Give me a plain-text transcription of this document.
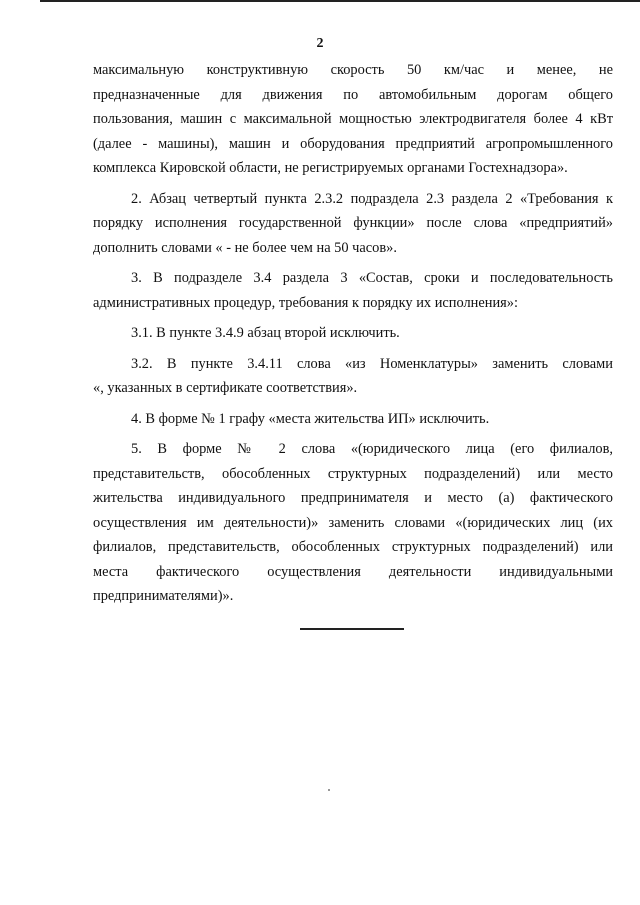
2

максимальную конструктивную скорость 50 км/час и менее, не
предназначенные для движения по автомобильным дорогам общего
пользования, машин с максимальной мощностью электродвигателя более 4 кВт
(далее - машины), машин и оборудования предприятий агропромышленного
комплекса Кировской области, не регистрируемых органами Гостехнадзора».

2. Абзац четвертый пункта 2.3.2 подраздела 2.3 раздела 2 «Требования к
порядку исполнения государственной функции» после слова «предприятий»
дополнить словами « - не более чем на 50 часов».

3. В подразделе 3.4 раздела 3 «Состав, сроки и последовательность
административных процедур, требования к порядку их исполнения»:

3.1. В пункте 3.4.9 абзац второй исключить.

3.2. В пункте 3.4.11 слова «из Номенклатуры» заменить словами
«, указанных в сертификате соответствия».

4. В форме № 1 графу «места жительства ИП» исключить.

5. В форме № 2 слова «(юридического лица (его филиалов,
представительств, обособленных структурных подразделений) или место
жительства индивидуального предпринимателя и место (а) фактического
осуществления им деятельности)» заменить словами «(юридических лиц (их
филиалов, представительств, обособленных структурных подразделений) или
места фактического осуществления деятельности индивидуальными
предпринимателями)».
